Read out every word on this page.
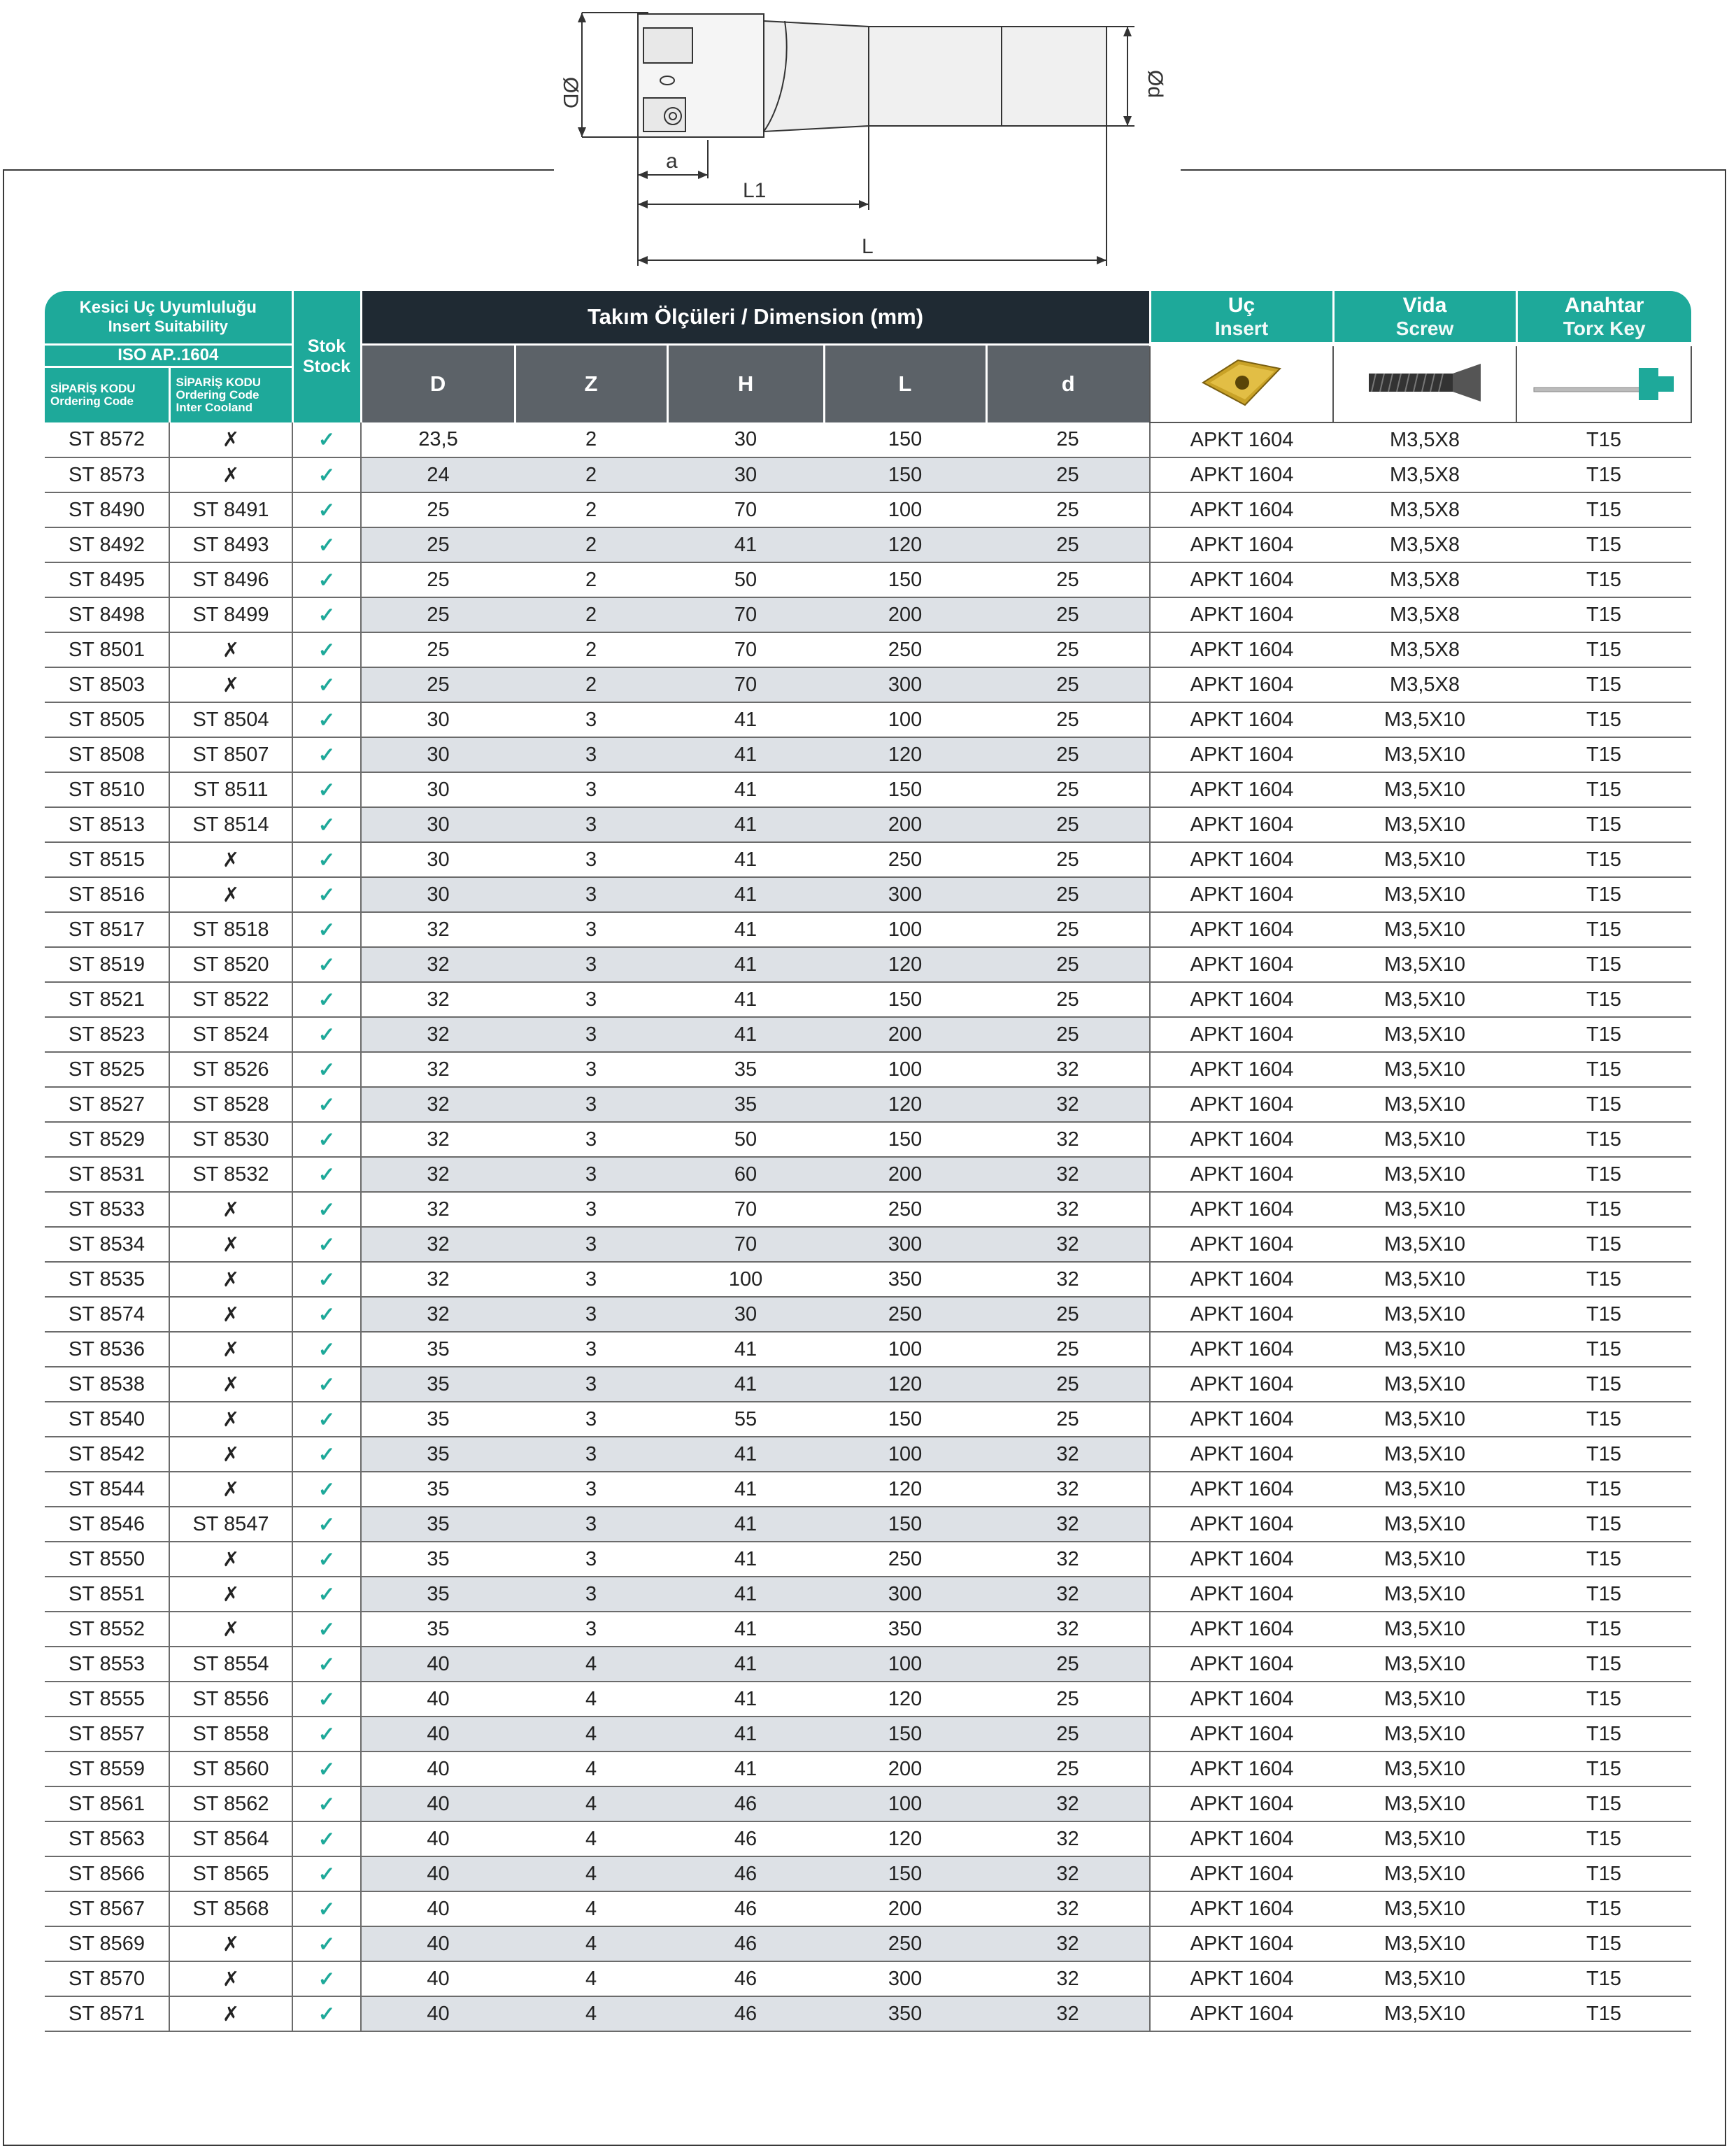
ØD	Ød
a
L1
L
Kesici Uç Uyumluluğu
Insert Suitability		Stok
Stock	Takım Ölçüleri / Dimension (mm)					Uç
Insert	Vida
Screw	Anahtar
Torx Key

ISO AP..1604			D	Z	H	L	d			

SİPARİŞ KODU
Ordering Code	SİPARİŞ KODU
Ordering Code
Inter Cooland									

ST 8572	✗	✓	23,5	2	30	150	25	APKT 1604	M3,5X8	T15
ST 8573	✗	✓	24	2	30	150	25	APKT 1604	M3,5X8	T15
ST 8490	ST 8491	✓	25	2	70	100	25	APKT 1604	M3,5X8	T15
ST 8492	ST 8493	✓	25	2	41	120	25	APKT 1604	M3,5X8	T15
ST 8495	ST 8496	✓	25	2	50	150	25	APKT 1604	M3,5X8	T15
ST 8498	ST 8499	✓	25	2	70	200	25	APKT 1604	M3,5X8	T15
ST 8501	✗	✓	25	2	70	250	25	APKT 1604	M3,5X8	T15
ST 8503	✗	✓	25	2	70	300	25	APKT 1604	M3,5X8	T15
ST 8505	ST 8504	✓	30	3	41	100	25	APKT 1604	M3,5X10	T15
ST 8508	ST 8507	✓	30	3	41	120	25	APKT 1604	M3,5X10	T15
ST 8510	ST 8511	✓	30	3	41	150	25	APKT 1604	M3,5X10	T15
ST 8513	ST 8514	✓	30	3	41	200	25	APKT 1604	M3,5X10	T15
ST 8515	✗	✓	30	3	41	250	25	APKT 1604	M3,5X10	T15
ST 8516	✗	✓	30	3	41	300	25	APKT 1604	M3,5X10	T15
ST 8517	ST 8518	✓	32	3	41	100	25	APKT 1604	M3,5X10	T15
ST 8519	ST 8520	✓	32	3	41	120	25	APKT 1604	M3,5X10	T15
ST 8521	ST 8522	✓	32	3	41	150	25	APKT 1604	M3,5X10	T15
ST 8523	ST 8524	✓	32	3	41	200	25	APKT 1604	M3,5X10	T15
ST 8525	ST 8526	✓	32	3	35	100	32	APKT 1604	M3,5X10	T15
ST 8527	ST 8528	✓	32	3	35	120	32	APKT 1604	M3,5X10	T15
ST 8529	ST 8530	✓	32	3	50	150	32	APKT 1604	M3,5X10	T15
ST 8531	ST 8532	✓	32	3	60	200	32	APKT 1604	M3,5X10	T15
ST 8533	✗	✓	32	3	70	250	32	APKT 1604	M3,5X10	T15
ST 8534	✗	✓	32	3	70	300	32	APKT 1604	M3,5X10	T15
ST 8535	✗	✓	32	3	100	350	32	APKT 1604	M3,5X10	T15
ST 8574	✗	✓	32	3	30	250	25	APKT 1604	M3,5X10	T15
ST 8536	✗	✓	35	3	41	100	25	APKT 1604	M3,5X10	T15
ST 8538	✗	✓	35	3	41	120	25	APKT 1604	M3,5X10	T15
ST 8540	✗	✓	35	3	55	150	25	APKT 1604	M3,5X10	T15
ST 8542	✗	✓	35	3	41	100	32	APKT 1604	M3,5X10	T15
ST 8544	✗	✓	35	3	41	120	32	APKT 1604	M3,5X10	T15
ST 8546	ST 8547	✓	35	3	41	150	32	APKT 1604	M3,5X10	T15
ST 8550	✗	✓	35	3	41	250	32	APKT 1604	M3,5X10	T15
ST 8551	✗	✓	35	3	41	300	32	APKT 1604	M3,5X10	T15
ST 8552	✗	✓	35	3	41	350	32	APKT 1604	M3,5X10	T15
ST 8553	ST 8554	✓	40	4	41	100	25	APKT 1604	M3,5X10	T15
ST 8555	ST 8556	✓	40	4	41	120	25	APKT 1604	M3,5X10	T15
ST 8557	ST 8558	✓	40	4	41	150	25	APKT 1604	M3,5X10	T15
ST 8559	ST 8560	✓	40	4	41	200	25	APKT 1604	M3,5X10	T15
ST 8561	ST 8562	✓	40	4	46	100	32	APKT 1604	M3,5X10	T15
ST 8563	ST 8564	✓	40	4	46	120	32	APKT 1604	M3,5X10	T15
ST 8566	ST 8565	✓	40	4	46	150	32	APKT 1604	M3,5X10	T15
ST 8567	ST 8568	✓	40	4	46	200	32	APKT 1604	M3,5X10	T15
ST 8569	✗	✓	40	4	46	250	32	APKT 1604	M3,5X10	T15
ST 8570	✗	✓	40	4	46	300	32	APKT 1604	M3,5X10	T15
ST 8571	✗	✓	40	4	46	350	32	APKT 1604	M3,5X10	T15
